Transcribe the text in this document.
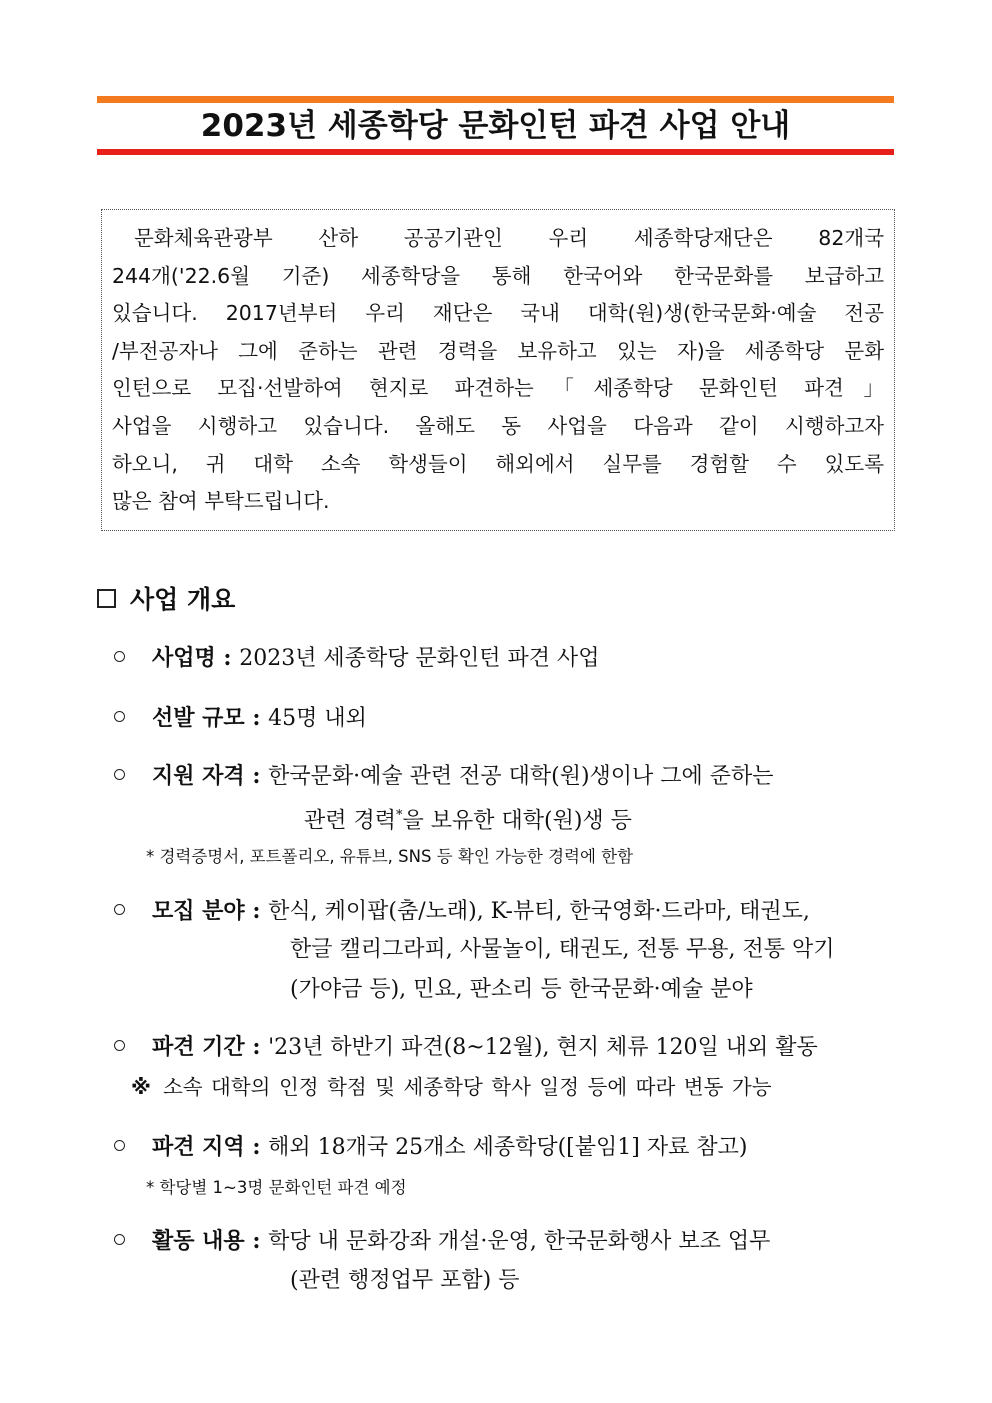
2023년 세종학당 문화인턴 파견 사업 안내
문화체육관광부 산하 공공기관인 우리 세종학당재단은 82개국
244개('22.6월 기준) 세종학당을 통해 한국어와 한국문화를 보급하고
있습니다. 2017년부터 우리 재단은 국내 대학(원)생(한국문화·예술 전공
/부전공자나 그에 준하는 관련 경력을 보유하고 있는 자)을 세종학당 문화
인턴으로 모집·선발하여 현지로 파견하는「세종학당 문화인턴 파견」
사업을 시행하고 있습니다. 올해도 동 사업을 다음과 같이 시행하고자
하오니, 귀 대학 소속 학생들이 해외에서 실무를 경험할 수 있도록
많은 참여 부탁드립니다.
사업 개요
사업명 : 2023년 세종학당 문화인턴 파견 사업
선발 규모 : 45명 내외
지원 자격 : 한국문화·예술 관련 전공 대학(원)생이나 그에 준하는
관련 경력*을 보유한 대학(원)생 등
* 경력증명서, 포트폴리오, 유튜브, SNS 등 확인 가능한 경력에 한함
모집 분야 : 한식, 케이팝(춤/노래), K-뷰티, 한국영화·드라마, 태권도,
한글 캘리그라피, 사물놀이, 태권도, 전통 무용, 전통 악기
(가야금 등), 민요, 판소리 등 한국문화·예술 분야
파견 기간 : '23년 하반기 파견(8~12월), 현지 체류 120일 내외 활동
※ 소속 대학의 인정 학점 및 세종학당 학사 일정 등에 따라 변동 가능
파견 지역 : 해외 18개국 25개소 세종학당([붙임1] 자료 참고)
* 학당별 1~3명 문화인턴 파견 예정
활동 내용 : 학당 내 문화강좌 개설·운영, 한국문화행사 보조 업무
(관련 행정업무 포함) 등
